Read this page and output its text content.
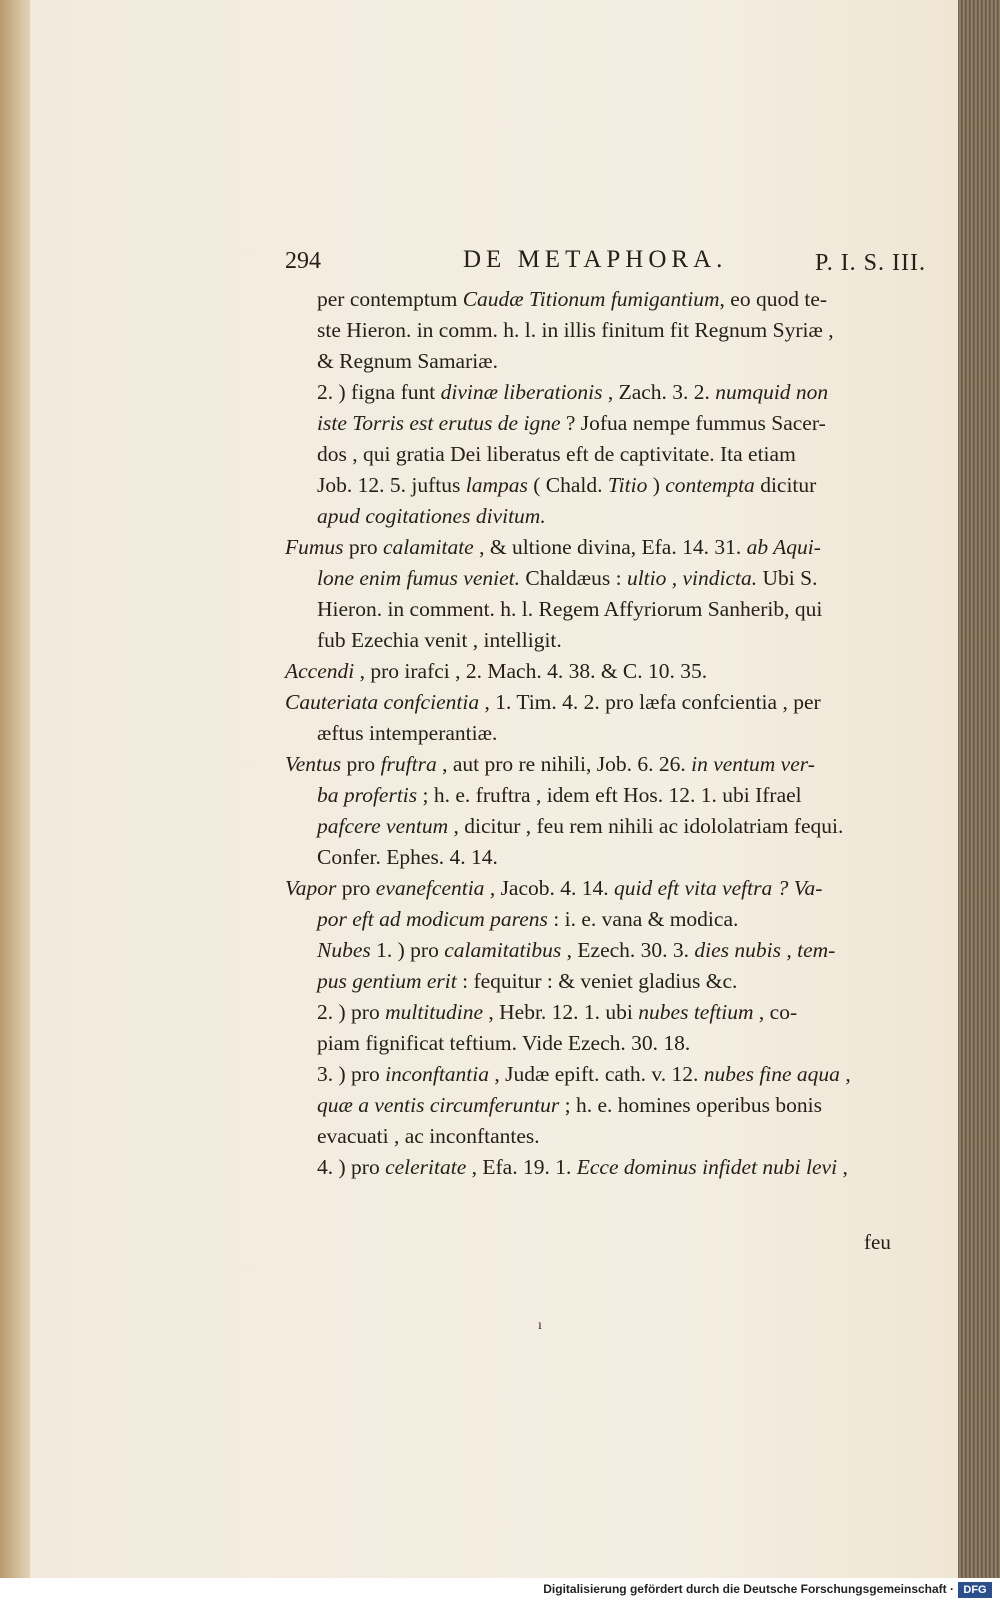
294	DE METAPHORA.	P. I. S. III.
per contemptum Caudæ Titionum fumigantium, eo quod te-
ste Hieron. in comm. h. l. in illis finitum fit Regnum Syriæ ,
& Regnum Samariæ.
2. ) figna funt divinæ liberationis , Zach. 3. 2. numquid non
iste Torris est erutus de igne ? Jofua nempe fummus Sacer-
dos , qui gratia Dei liberatus eft de captivitate. Ita etiam
Job. 12. 5. juftus lampas ( Chald. Titio ) contempta dicitur
apud cogitationes divitum.
Fumus pro calamitate , & ultione divina, Efa. 14. 31. ab Aqui-
lone enim fumus veniet. Chaldæus : ultio , vindicta. Ubi S.
Hieron. in comment. h. l. Regem Affyriorum Sanherib, qui
fub Ezechia venit , intelligit.
Accendi , pro irafci , 2. Mach. 4. 38. & C. 10. 35.
Cauteriata confcientia , 1. Tim. 4. 2. pro læfa confcientia , per
æftus intemperantiæ.
Ventus pro fruftra , aut pro re nihili, Job. 6. 26. in ventum ver-
ba profertis ; h. e. fruftra , idem eft Hos. 12. 1. ubi Ifrael
pafcere ventum , dicitur , feu rem nihili ac idololatriam fequi.
Confer. Ephes. 4. 14.
Vapor pro evanefcentia , Jacob. 4. 14. quid eft vita veftra ? Va-
por eft ad modicum parens : i. e. vana & modica.
Nubes 1. ) pro calamitatibus , Ezech. 30. 3. dies nubis , tem-
pus gentium erit : fequitur : & veniet gladius &c.
2. ) pro multitudine , Hebr. 12. 1. ubi nubes teftium , co-
piam fignificat teftium. Vide Ezech. 30. 18.
3. ) pro inconftantia , Judæ epift. cath. v. 12. nubes fine aqua ,
quæ a ventis circumferuntur ; h. e. homines operibus bonis
evacuati , ac inconftantes.
4. ) pro celeritate , Efa. 19. 1. Ecce dominus infidet nubi levi ,
feu
ı
Digitalisierung gefördert durch die Deutsche Forschungsgemeinschaft · DFG
